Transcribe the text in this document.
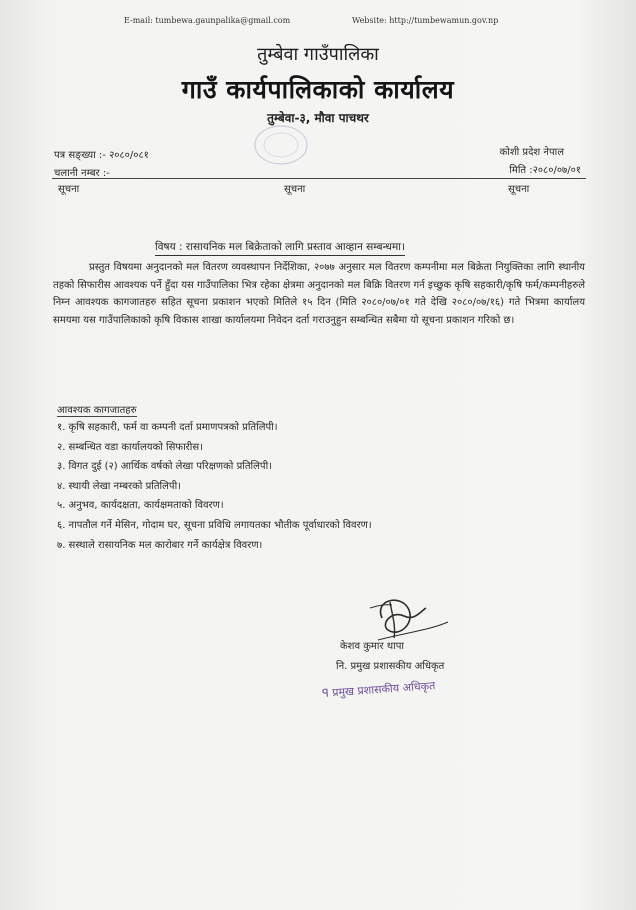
E-mail: tumbewa.gaunpalika@gmail.com	Website: http://tumbewamun.gov.np
तुम्बेवा गाउँपालिका
गाउँ कार्यपालिकाको कार्यालय
तुम्बेवा-३, मौवा पाचथर
पत्र सङ्ख्या :- २०८०/०८१
चलानी नम्बर :-
कोशी प्रदेश नेपाल
मिति :२०८०/०७/०१
सूचना	सूचना	सूचना
विषय : रासायनिक मल बिक्रेताको लागि प्रस्ताव आव्हान सम्बन्धमा।

प्रस्तुत विषयमा अनुदानको मल वितरण व्यवस्थापन निर्देशिका, २०७७ अनुसार मल वितरण कम्पनीमा मल बिक्रेता नियुक्तिका लागि स्थानीय तहको सिफारीस आवश्यक पर्ने हुँदा यस गाउँपालिका भित्र रहेका क्षेत्रमा अनुदानको मल बिक्रि वितरण गर्न इच्छुक कृषि सहकारी/कृषि फर्म/कम्पनीहरुले निम्न आवश्यक कागजातहरु सहित सूचना प्रकाशन भएको मितिले १५ दिन (मिति २०८०/०७/०१ गते देखि २०८०/०७/१६) गते भित्रमा कार्यालय समयमा यस गाउँपालिकाको कृषि विकास शाखा कार्यालयमा निवेदन दर्ता गराउनुहुन सम्बन्धित सबैमा यो सूचना प्रकाशन गरिको छ।

आवश्यक कागजातहरु
१. कृषि सहकारी, फर्म वा कम्पनी दर्ता प्रमाणपत्रको प्रतिलिपी।
२. सम्बन्धित वडा कार्यालयको सिफारीस।
३. विगत दुई (२) आर्थिक वर्षको लेखा परिक्षणको प्रतिलिपी।
४. स्थायी लेखा नम्बरको प्रतिलिपी।
५. अनुभव, कार्यदक्षता, कार्यक्षमताको विवरण।
६. नापतौल गर्ने मेसिन, गोदाम घर, सूचना प्रविधि लगायतका भौतीक पूर्वाधारको विवरण।
७. सस्थाले रासायनिक मल कारोबार गर्ने कार्यक्षेत्र विवरण।
केशव कुमार थापा
नि. प्रमुख प्रशासकीय अधिकृत
ꟼ प्रमुख प्रशासकीय अधिकृत
